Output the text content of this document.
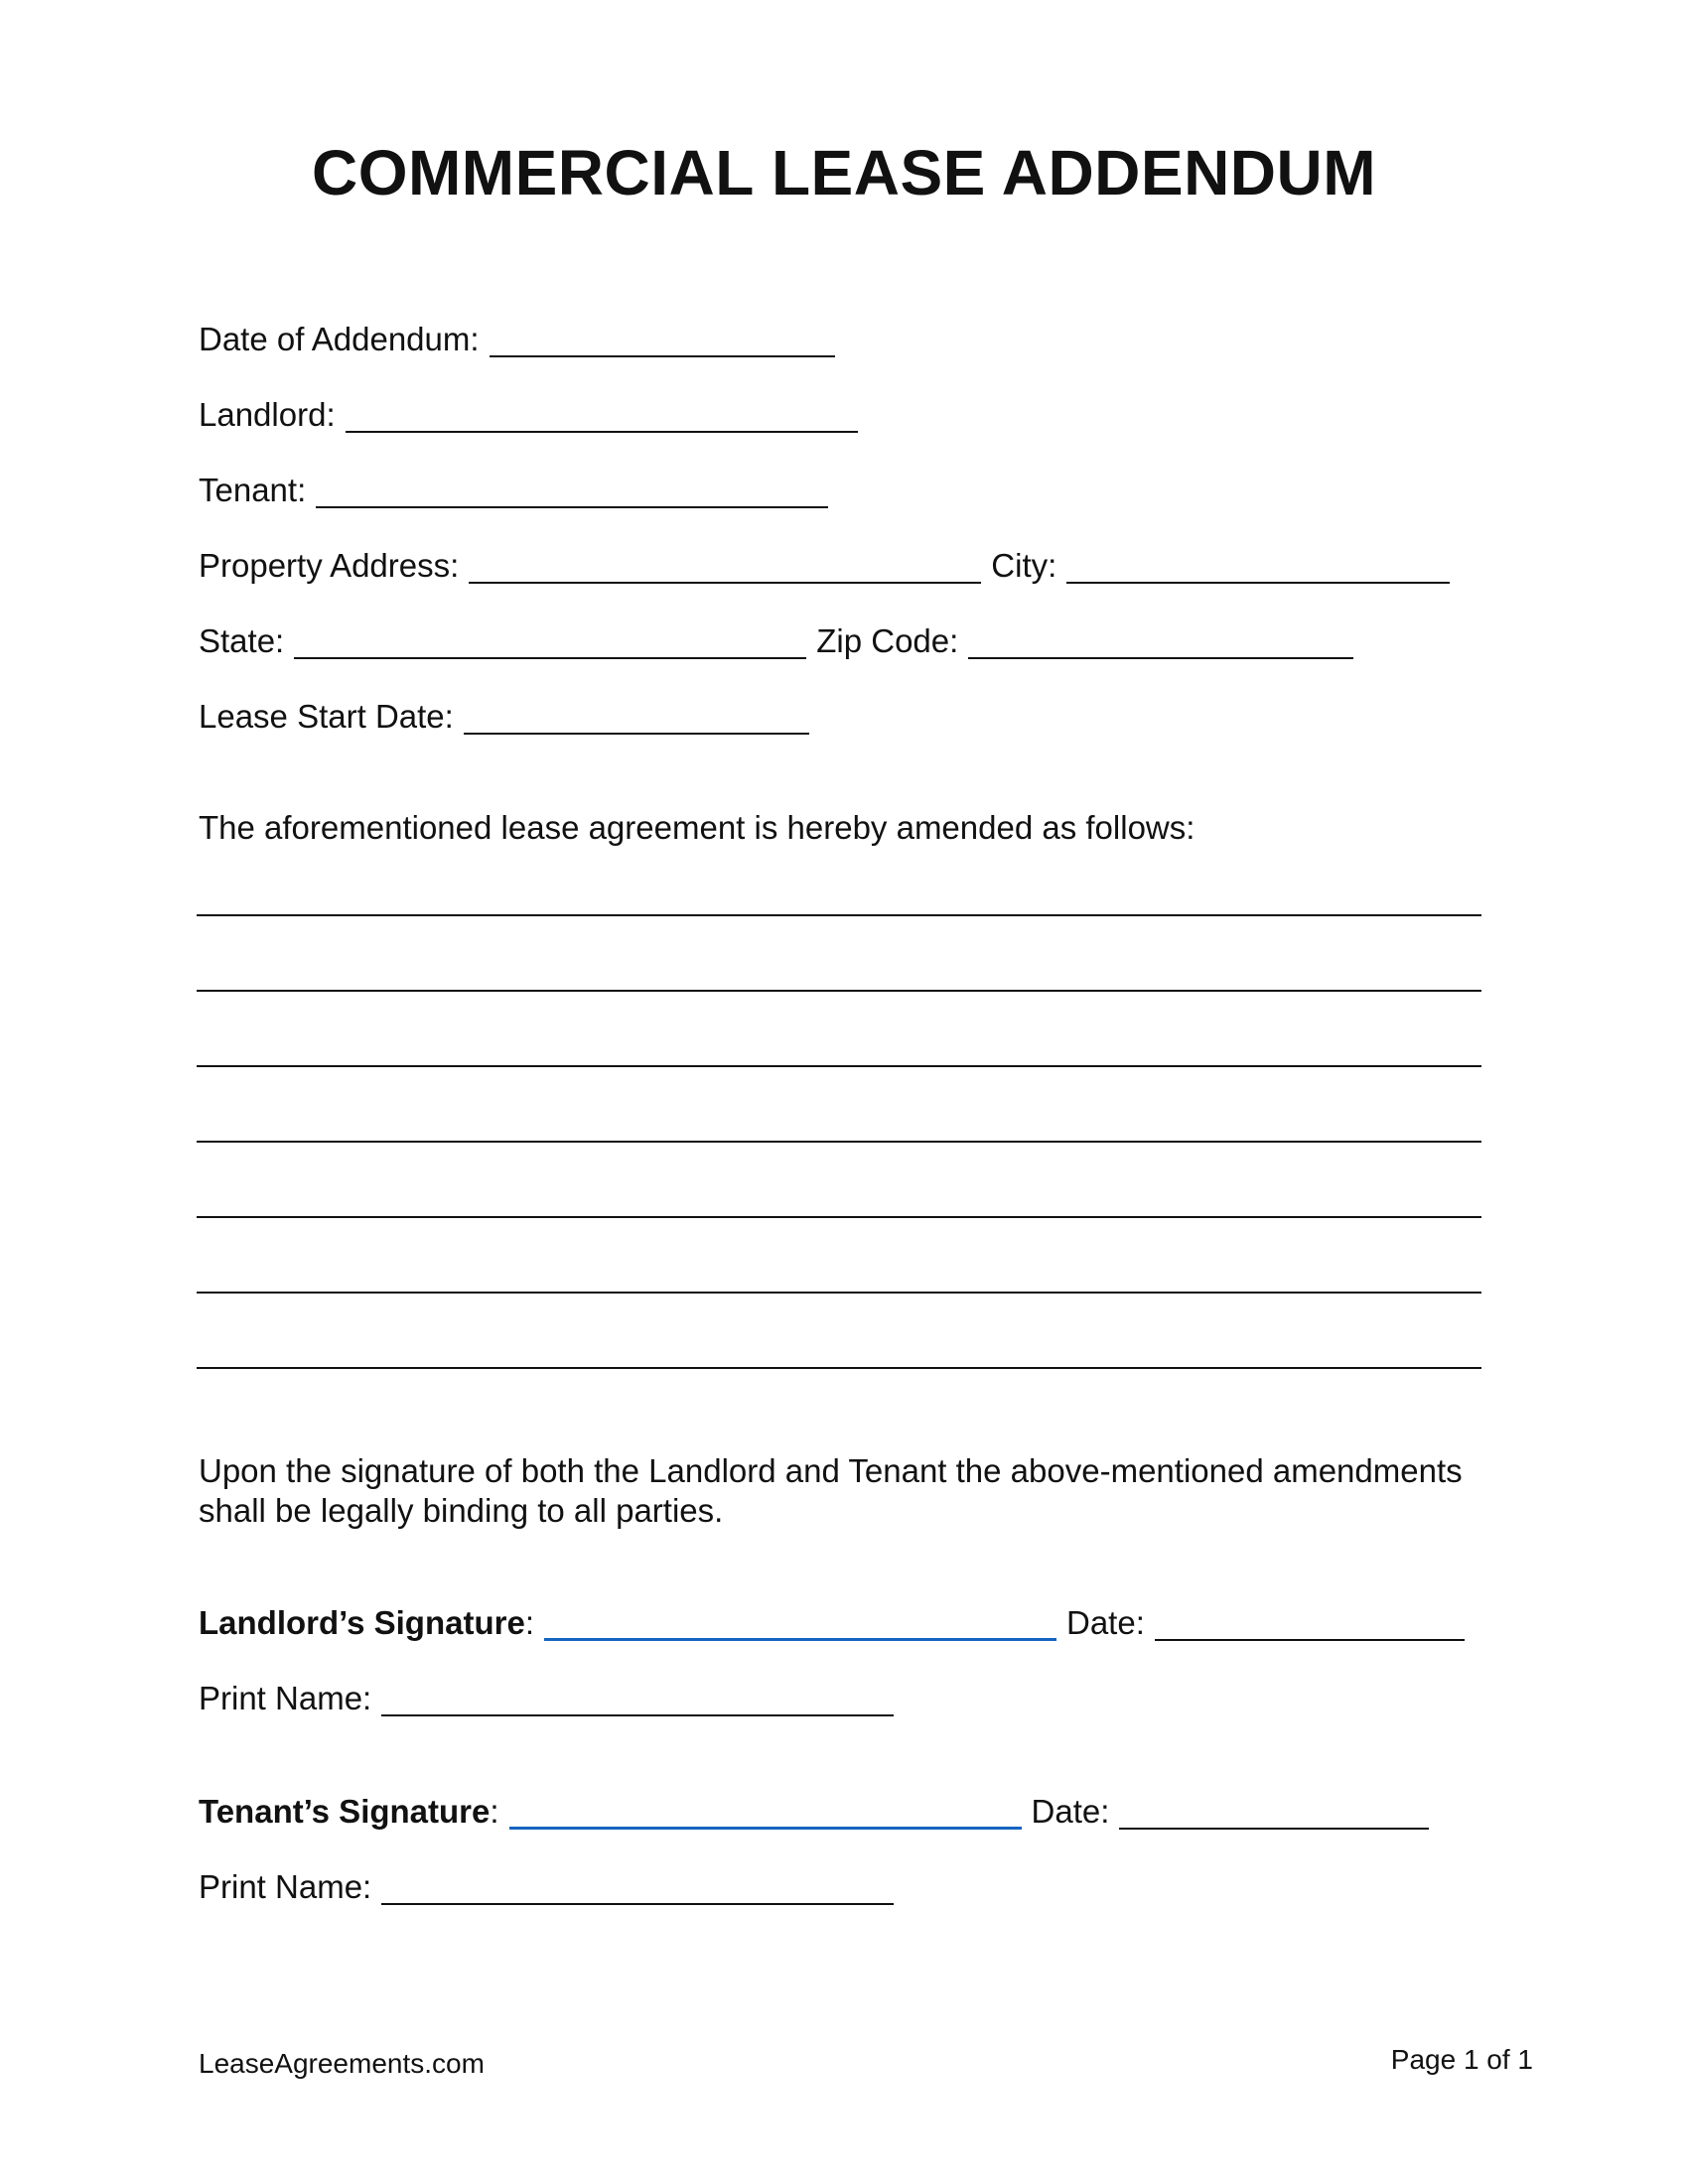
COMMERCIAL LEASE ADDENDUM
Date of Addendum:
Landlord:
Tenant:
Property Address:	City:
State:	Zip Code:
Lease Start Date:
The aforementioned lease agreement is hereby amended as follows:
Upon the signature of both the Landlord and Tenant the above-mentioned amendments shall be legally binding to all parties.
Landlord’s Signature:	Date:
Print Name:
Tenant’s Signature:	Date:
Print Name:
LeaseAgreements.com	Page 1 of 1
